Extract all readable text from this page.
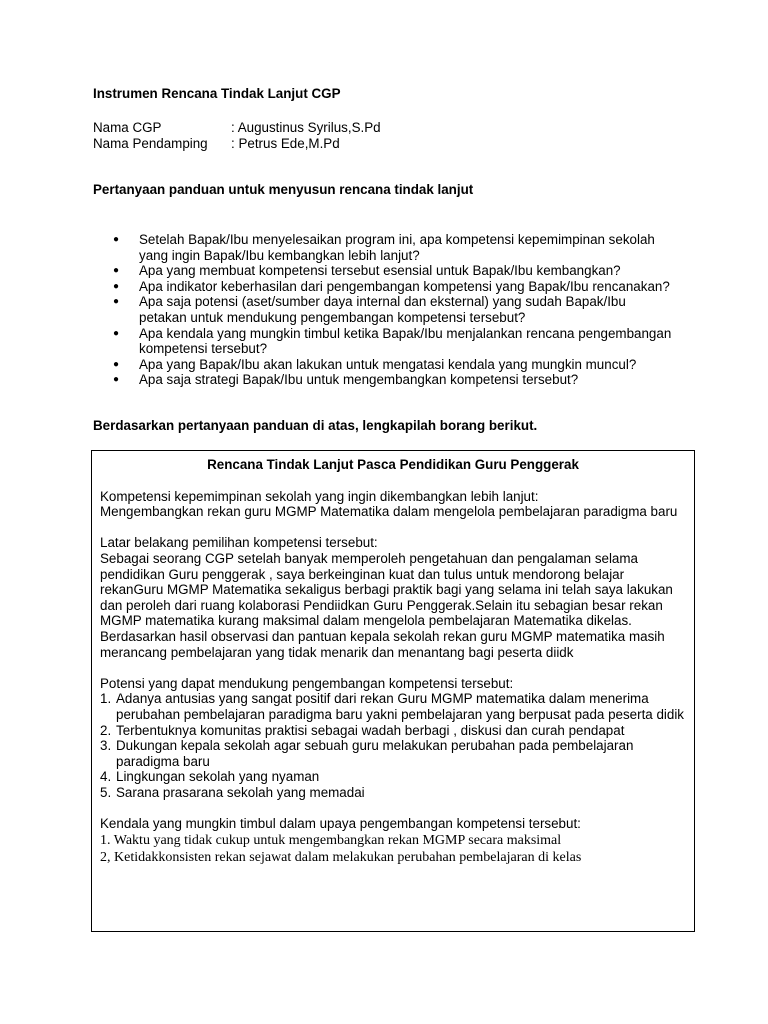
Instrumen Rencana Tindak Lanjut CGP
Nama CGP	: Augustinus Syrilus,S.Pd
Nama Pendamping : Petrus Ede,M.Pd
Pertanyaan panduan untuk menyusun rencana tindak lanjut
● Setelah Bapak/Ibu menyelesaikan program ini, apa kompetensi kepemimpinan sekolah yang ingin Bapak/Ibu kembangkan lebih lanjut?
● Apa yang membuat kompetensi tersebut esensial untuk Bapak/Ibu kembangkan?
● Apa indikator keberhasilan dari pengembangan kompetensi yang Bapak/Ibu rencanakan?
● Apa saja potensi (aset/sumber daya internal dan eksternal) yang sudah Bapak/Ibu petakan untuk mendukung pengembangan kompetensi tersebut?
● Apa kendala yang mungkin timbul ketika Bapak/Ibu menjalankan rencana pengembangan kompetensi tersebut?
● Apa yang Bapak/Ibu akan lakukan untuk mengatasi kendala yang mungkin muncul?
● Apa saja strategi Bapak/Ibu untuk mengembangkan kompetensi tersebut?
Berdasarkan pertanyaan panduan di atas, lengkapilah borang berikut.
Rencana Tindak Lanjut Pasca Pendidikan Guru Penggerak
Kompetensi kepemimpinan sekolah yang ingin dikembangkan lebih lanjut:
Mengembangkan rekan guru MGMP Matematika dalam mengelola pembelajaran paradigma baru
Latar belakang pemilihan kompetensi tersebut:
Sebagai seorang CGP setelah banyak memperoleh pengetahuan dan pengalaman selama pendidikan Guru penggerak , saya berkeinginan kuat dan tulus untuk mendorong belajar rekanGuru MGMP Matematika sekaligus berbagi praktik bagi yang selama ini telah saya lakukan dan peroleh dari ruang kolaborasi Pendiidkan Guru Penggerak.Selain itu sebagian besar rekan MGMP matematika kurang maksimal dalam mengelola pembelajaran Matematika dikelas. Berdasarkan hasil observasi dan pantuan kepala sekolah rekan guru MGMP matematika masih merancang pembelajaran yang tidak menarik dan menantang bagi peserta diidk
Potensi yang dapat mendukung pengembangan kompetensi tersebut:
1. Adanya antusias yang sangat positif dari rekan Guru MGMP matematika dalam menerima perubahan pembelajaran paradigma baru yakni pembelajaran yang berpusat pada peserta didik
2. Terbentuknya komunitas praktisi sebagai wadah berbagi , diskusi dan curah pendapat
3. Dukungan kepala sekolah agar sebuah guru melakukan perubahan pada pembelajaran paradigma baru
4. Lingkungan sekolah yang nyaman
5. Sarana prasarana sekolah yang memadai
Kendala yang mungkin timbul dalam upaya pengembangan kompetensi tersebut:
1. Waktu yang tidak cukup untuk mengembangkan rekan MGMP secara maksimal
2, Ketidakkonsisten rekan sejawat dalam melakukan perubahan pembelajaran di kelas
